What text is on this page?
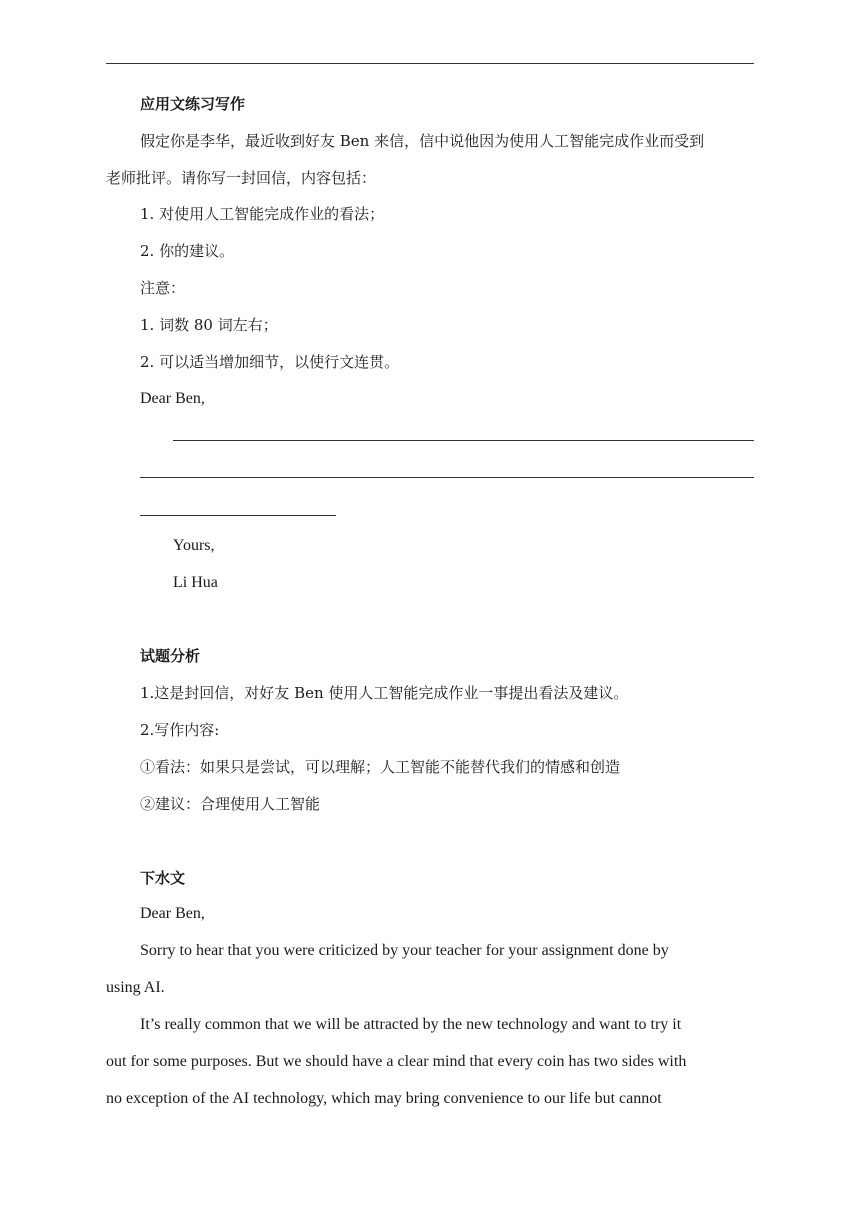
应用文练习写作
假定你是李华，最近收到好友 Ben 来信，信中说他因为使用人工智能完成作业而受到
老师批评。请你写一封回信，内容包括：
1. 对使用人工智能完成作业的看法；
2. 你的建议。
注意：
1. 词数 80 词左右；
2. 可以适当增加细节，以使行文连贯。
Dear Ben,
Yours,
Li Hua
试题分析
1.这是封回信，对好友 Ben 使用人工智能完成作业一事提出看法及建议。
2.写作内容:
①看法：如果只是尝试，可以理解；人工智能不能替代我们的情感和创造
②建议：合理使用人工智能
下水文
Dear Ben,
Sorry to hear that you were criticized by your teacher for your assignment done by
using AI.
It’s really common that we will be attracted by the new technology and want to try it
out for some purposes. But we should have a clear mind that every coin has two sides with
no exception of the AI technology, which may bring convenience to our life but cannot
